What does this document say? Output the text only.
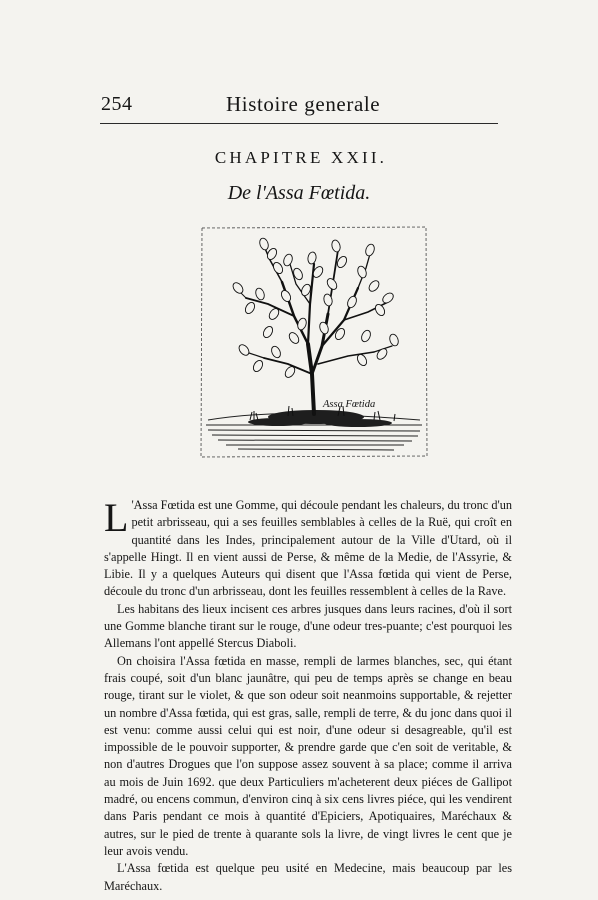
254	Histoire generale
CHAPITRE XXII.
De l'Assa Fœtida.
Assa Fœtida

L 'Assa Fœtida est une Gomme, qui découle pendant les chaleurs, du tronc d'un petit arbrisseau, qui a ses feuilles semblables à celles de la Ruë, qui croît en quantité dans les Indes, principalement autour de la Ville d'Utard, où il s'appelle Hingt. Il en vient aussi de Perse, & même de la Medie, de l'Assyrie, & Libie. Il y a quelques Auteurs qui disent que l'Assa fœtida qui vient de Perse, découle du tronc d'un arbrisseau, dont les feuilles ressemblent à celles de la Rave.

Les habitans des lieux incisent ces arbres jusques dans leurs racines, d'où il sort une Gomme blanche tirant sur le rouge, d'une odeur tres-puante; c'est pourquoi les Allemans l'ont appellé Stercus Diaboli.

On choisira l'Assa fœtida en masse, rempli de larmes blanches, sec, qui étant frais coupé, soit d'un blanc jaunâtre, qui peu de temps après se change en beau rouge, tirant sur le violet, & que son odeur soit neanmoins supportable, & rejetter un nombre d'Assa fœtida, qui est gras, salle, rempli de terre, & du jonc dans quoi il est venu: comme aussi celui qui est noir, d'une odeur si desagreable, qu'il est impossible de le pouvoir supporter, & prendre garde que c'en soit de veritable, & non d'autres Drogues que l'on suppose assez souvent à sa place; comme il arriva au mois de Juin 1692. que deux Particuliers m'acheterent deux piéces de Gallipot madré, ou encens commun, d'environ cinq à six cens livres piéce, qui les vendirent dans Paris pendant ce mois à quantité d'Epiciers, Apotiquaires, Maréchaux & autres, sur le pied de trente à quarante sols la livre, de vingt livres le cent que je leur avois vendu.

L'Assa fœtida est quelque peu usité en Medecine, mais beaucoup par les Maréchaux.
